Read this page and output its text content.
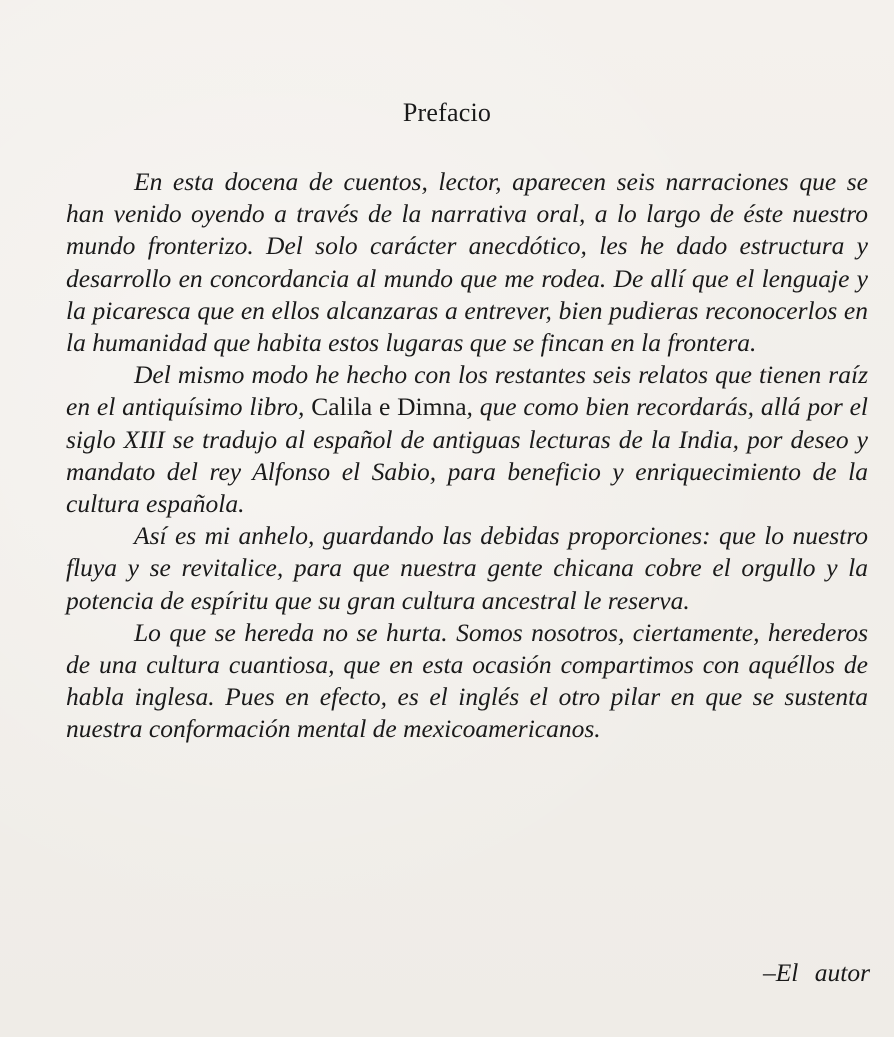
Prefacio

En esta docena de cuentos, lector, aparecen seis narraciones que se han venido oyendo a través de la narrativa oral, a lo largo de éste nuestro mundo fronterizo. Del solo carácter anecdótico, les he dado estructura y desarrollo en concordancia al mundo que me rodea. De allí que el lenguaje y la picaresca que en ellos alcanzaras a entrever, bien pudieras reconocerlos en la humanidad que habita estos lugaras que se fincan en la frontera.

Del mismo modo he hecho con los restantes seis relatos que tienen raíz en el antiquísimo libro, Calila e Dimna, que como bien recordarás, allá por el siglo XIII se tradujo al español de antiguas lecturas de la India, por deseo y mandato del rey Alfonso el Sabio, para beneficio y enriquecimiento de la cultura española.

Así es mi anhelo, guardando las debidas proporciones: que lo nuestro fluya y se revitalice, para que nuestra gente chicana cobre el orgullo y la potencia de espíritu que su gran cultura ancestral le reserva.

Lo que se hereda no se hurta. Somos nosotros, ciertamente, herederos de una cultura cuantiosa, que en esta ocasión compartimos con aquéllos de habla inglesa. Pues en efecto, es el inglés el otro pilar en que se sustenta nuestra conformación mental de mexicoamericanos.

–El autor
